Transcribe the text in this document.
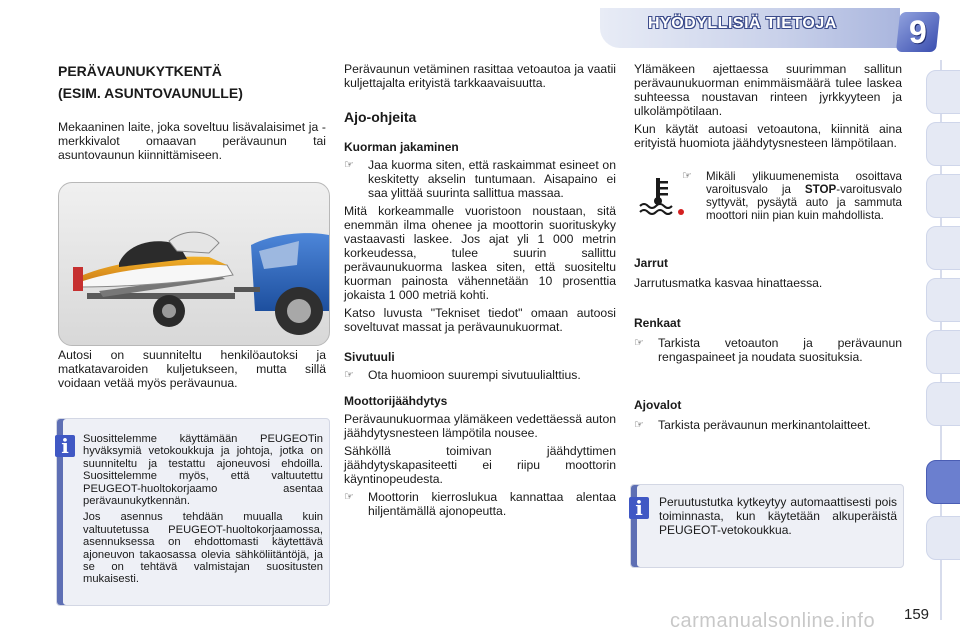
HYÖDYLLISIÄ TIETOJA 9

PERÄVAUNUKYTKENTÄ

(ESIM. ASUNTOVAUNULLE)

Mekaaninen laite, joka soveltuu lisävalaisimet ja -merkkivalot omaavan perävaunun tai asuntovaunun kiinnittämiseen.

Autosi on suunniteltu henkilöautoksi ja matkatavaroiden kuljetukseen, mutta sillä voidaan vetää myös perävaunua.

i	Suosittelemme käyttämään PEUGEOTin hyväksymiä vetokoukkuja ja johtoja, jotka on suunniteltu ja testattu ajoneuvosi ehdoilla. Suosittelemme myös, että valtuutettu PEUGEOT-huoltokorjaamo asentaa perävaunukytkennän.

Jos asennus tehdään muualla kuin valtuutetussa PEUGEOT-huoltokorjaamossa, asennuksessa on ehdottomasti käytettävä ajoneuvon takaosassa olevia sähköliitäntöjä, ja se on tehtävä valmistajan suositusten mukaisesti.

Perävaunun vetäminen rasittaa vetoautoa ja vaatii kuljettajalta erityistä tarkkaavaisuutta.

Ajo-ohjeita

Kuorman jakaminen

☞	Jaa kuorma siten, että raskaimmat esineet on keskitetty akselin tuntumaan. Aisapaino ei saa ylittää suurinta sallittua massaa.

Mitä korkeammalle vuoristoon noustaan, sitä enemmän ilma ohenee ja moottorin suorituskyky vastaavasti laskee. Jos ajat yli 1 000 metrin korkeudessa, tulee suurin sallittu perävaunukuorma laskea siten, että suositeltu kuorman painosta vähennetään 10 prosenttia jokaista 1 000 metriä kohti.

Katso luvusta "Tekniset tiedot" omaan autoosi soveltuvat massat ja perävaunukuormat.

Sivutuuli

☞	Ota huomioon suurempi sivutuulialttius.

Moottorijäähdytys

Perävaunukuormaa ylämäkeen vedettäessä auton jäähdytysnesteen lämpötila nousee.

Sähköllä toimivan jäähdyttimen jäähdytyskapasiteetti ei riipu moottorin käyntinopeudesta.

☞	Moottorin kierroslukua kannattaa alentaa hiljentämällä ajonopeutta.

Ylämäkeen ajettaessa suurimman sallitun perävaunukuorman enimmäismäärä tulee laskea suhteessa noustavan rinteen jyrkkyyteen ja ulkolämpötilaan.

Kun käytät autoasi vetoautona, kiinnitä aina erityistä huomiota jäähdytysnesteen lämpötilaan.

☞	Mikäli ylikuumenemista osoittava varoitusvalo ja STOP-varoitusvalo syttyvät, pysäytä auto ja sammuta moottori niin pian kuin mahdollista.

Jarrut

Jarrutusmatka kasvaa hinattaessa.

Renkaat

☞	Tarkista vetoauton ja perävaunun rengaspaineet ja noudata suosituksia.

Ajovalot

☞	Tarkista perävaunun merkinantolaitteet.
i	Peruutustutka kytkeytyy automaattisesti pois toiminnasta, kun käytetään alkuperäistä PEUGEOT-vetokoukkua.
carmanualsonline.info 159
